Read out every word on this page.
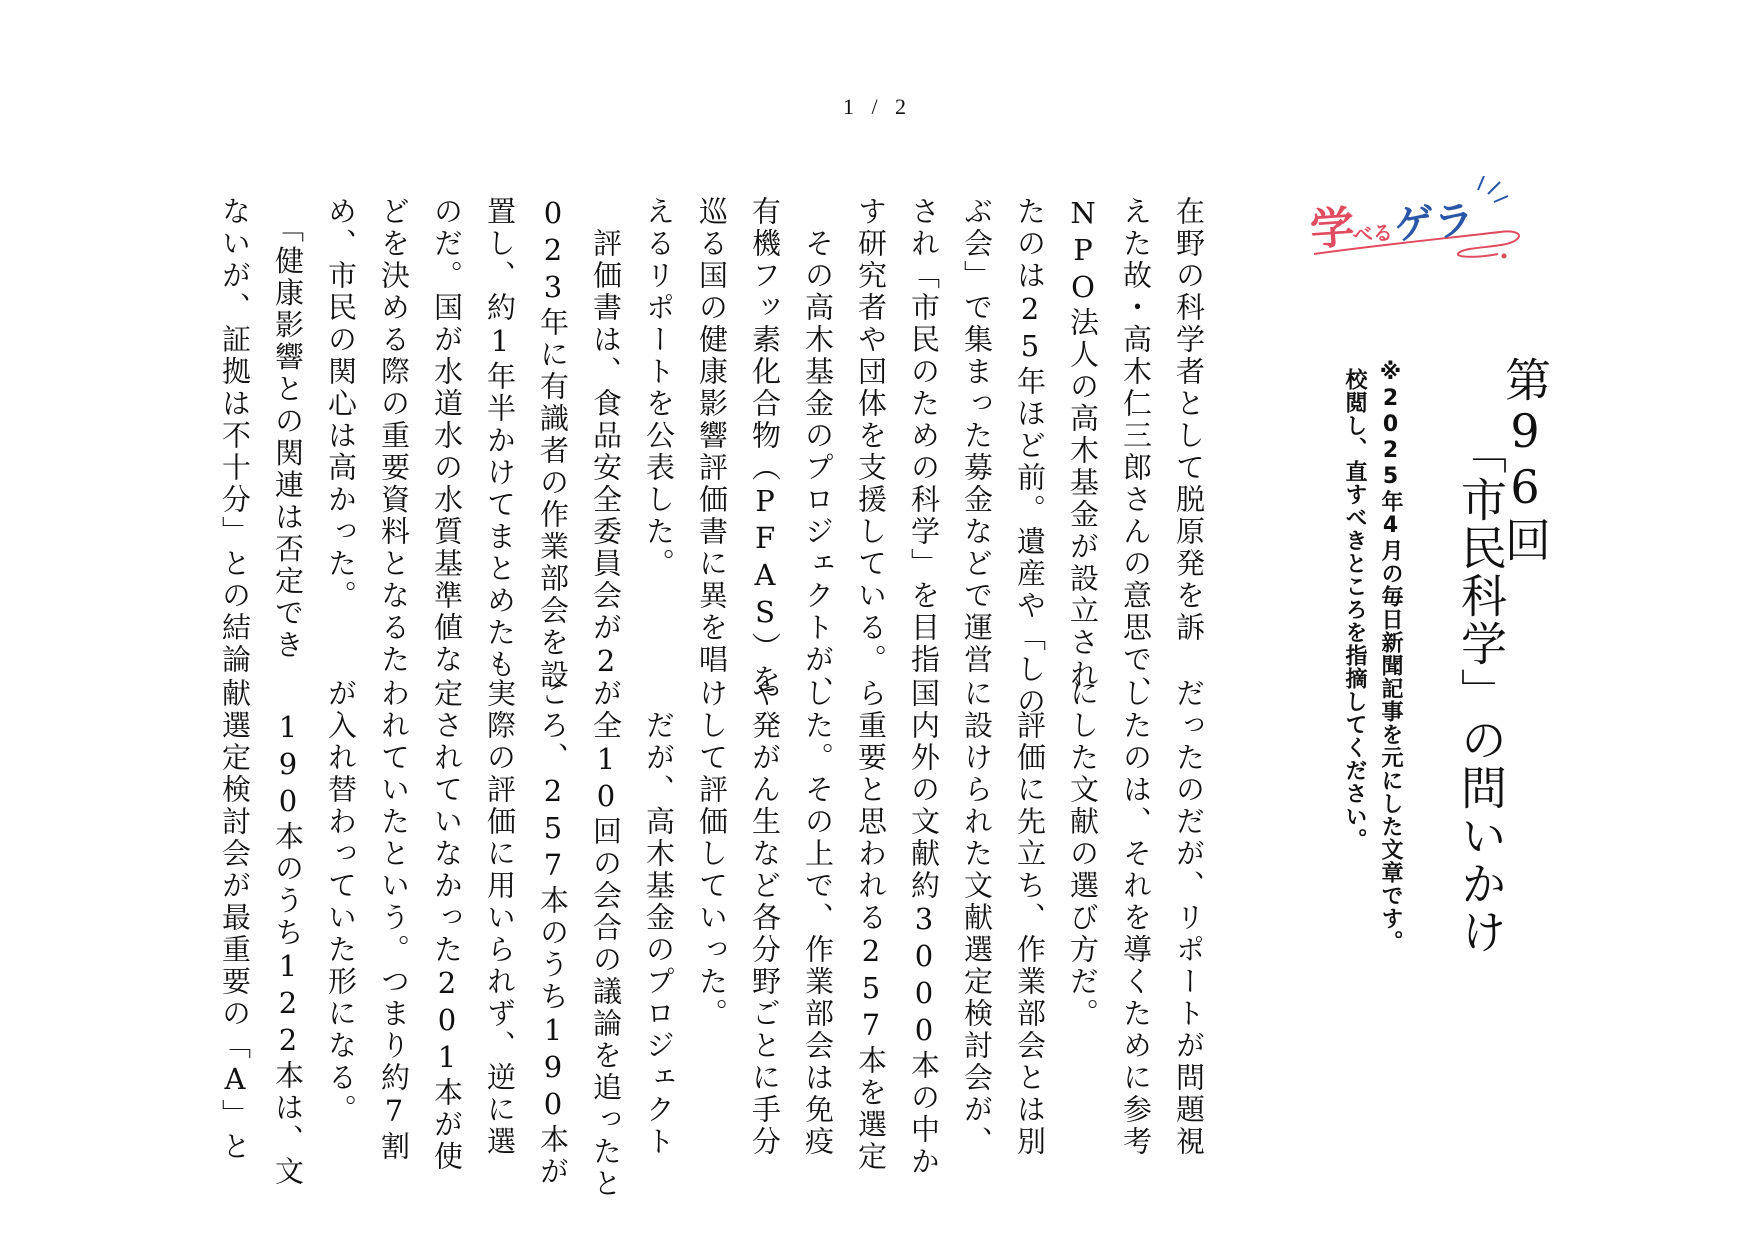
1 / 2
学べるゲラ
第96回
「市民科学」の問いかけ
※2025年4月の毎日新聞記事を元にした文章です。
校閲し、直すべきところを指摘してください。
在野の科学者として脱原発を訴
えた故・高木仁三郎さんの意思で、
NPO法人の高木基金が設立され
たのは25年ほど前。遺産や「しの
ぶ会」で集まった募金などで運営
され「市民のための科学」を目指
す研究者や団体を支援している。
　その高木基金のプロジェクトが、
有機フッ素化合物（PFAS）を
巡る国の健康影響評価書に異を唱
えるリポートを公表した。
　評価書は、食品安全委員会が2
023年に有識者の作業部会を設
置し、約1年半かけてまとめたも
のだ。国が水道水の水質基準値な
どを決める際の重要資料となるた
め、市民の関心は高かった。
　「健康影響との関連は否定でき
ないが、証拠は不十分」との結論
だったのだが、リポートが問題視
したのは、それを導くために参考
にした文献の選び方だ。
　評価に先立ち、作業部会とは別
に設けられた文献選定検討会が、
国内外の文献約3000本の中か
ら重要と思われる257本を選定
した。その上で、作業部会は免疫
や発がん生など各分野ごとに手分
けして評価していった。
　だが、高木基金のプロジェクト
が全10回の会合の議論を追ったと
ころ、257本のうち190本が
実際の評価に用いられず、逆に選
定されていなかった201本が使
われていたという。つまり約7割
が入れ替わっていた形になる。
　190本のうち122本は、文
献選定検討会が最重要の「A」と
